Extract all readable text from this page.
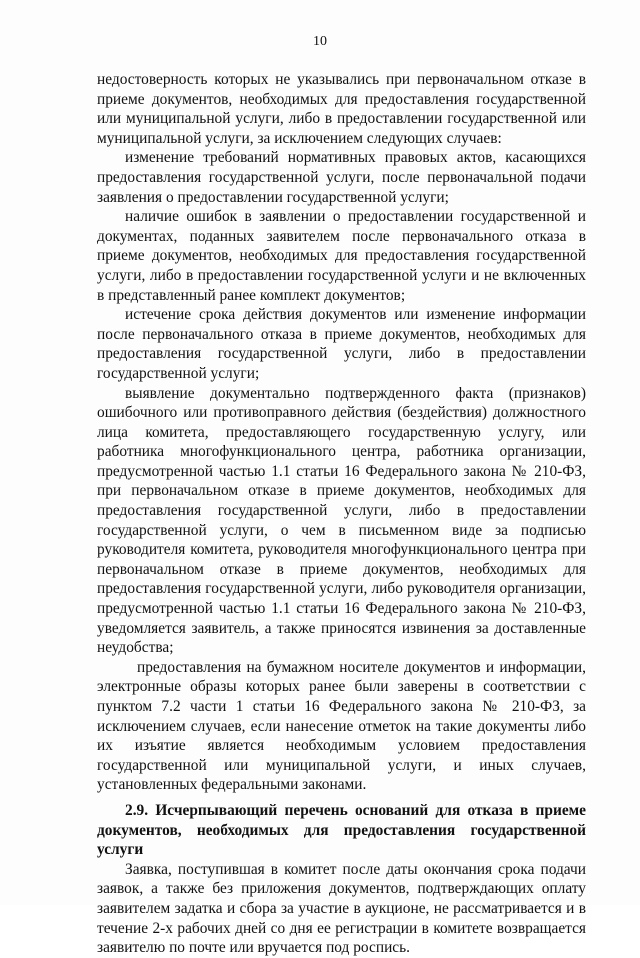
10

недостоверность которых не указывались при первоначальном отказе в приеме документов, необходимых для предоставления государственной или муниципальной услуги, либо в предоставлении государственной или муниципальной услуги, за исключением следующих случаев:

изменение требований нормативных правовых актов, касающихся предоставления государственной услуги, после первоначальной подачи заявления о предоставлении государственной услуги;

наличие ошибок в заявлении о предоставлении государственной и документах, поданных заявителем после первоначального отказа в приеме документов, необходимых для предоставления государственной услуги, либо в предоставлении государственной услуги и не включенных в представленный ранее комплект документов;

истечение срока действия документов или изменение информации после первоначального отказа в приеме документов, необходимых для предоставления государственной услуги, либо в предоставлении государственной услуги;

выявление документально подтвержденного факта (признаков) ошибочного или противоправного действия (бездействия) должностного лица комитета, предоставляющего государственную услугу, или работника многофункционального центра, работника организации, предусмотренной частью 1.1 статьи 16 Федерального закона № 210-ФЗ, при первоначальном отказе в приеме документов, необходимых для предоставления государственной услуги, либо в предоставлении государственной услуги, о чем в письменном виде за подписью руководителя комитета, руководителя многофункционального центра при первоначальном отказе в приеме документов, необходимых для предоставления государственной услуги, либо руководителя организации, предусмотренной частью 1.1 статьи 16 Федерального закона № 210-ФЗ, уведомляется заявитель, а также приносятся извинения за доставленные неудобства;

предоставления на бумажном носителе документов и информации, электронные образы которых ранее были заверены в соответствии с пунктом 7.2 части 1 статьи 16 Федерального закона № 210-ФЗ, за исключением случаев, если нанесение отметок на такие документы либо их изъятие является необходимым условием предоставления государственной или муниципальной услуги, и иных случаев, установленных федеральными законами.

2.9. Исчерпывающий перечень оснований для отказа в приеме документов, необходимых для предоставления государственной услуги

Заявка, поступившая в комитет после даты окончания срока подачи заявок, а также без приложения документов, подтверждающих оплату заявителем задатка и сбора за участие в аукционе, не рассматривается и в течение 2-х рабочих дней со дня ее регистрации в комитете возвращается заявителю по почте или вручается под роспись.
